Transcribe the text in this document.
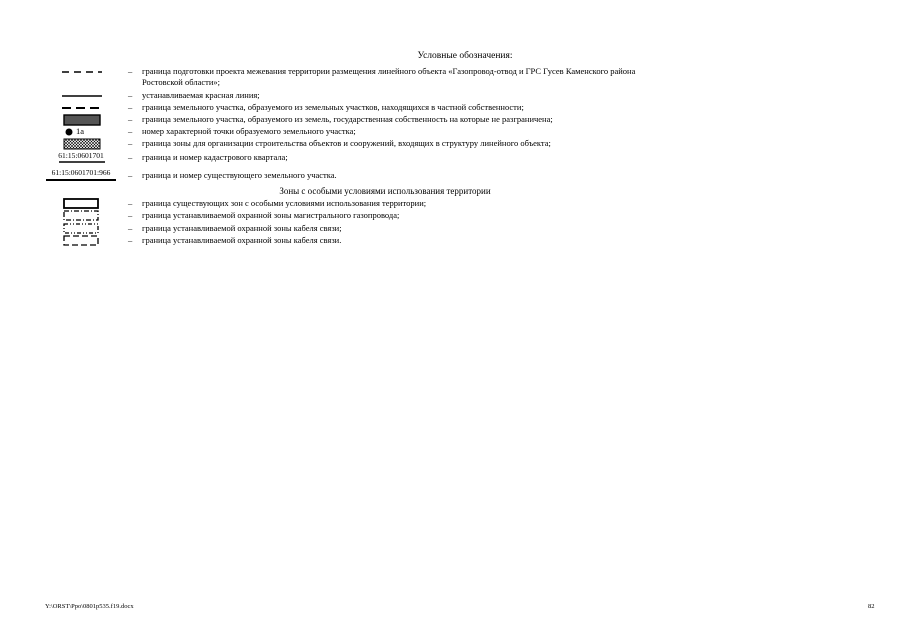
Условные обозначения:
– граница подготовки проекта межевания территории размещения линейного объекта «Газопровод-отвод и ГРС Гусев Каменского района Ростовской области»;
– устанавливаемая красная линия;
– граница земельного участка, образуемого из земельных участков, находящихся в частной собственности;
– граница земельного участка, образуемого из земель, государственная собственность на которые не разграничена;
1а	– номер характерной точки образуемого земельного участка;
– граница зоны для организации строительства объектов и сооружений, входящих в структуру линейного объекта;
61:15:0601701	– граница и номер кадастрового квартала;
61:15:0601701:966	– граница и номер существующего земельного участка.
Зоны с особыми условиями использования территории
– граница существующих зон с особыми условиями использования территории;
– граница устанавливаемой охранной зоны магистрального газопровода;
– граница устанавливаемой охранной зоны кабеля связи;
– граница устанавливаемой охранной зоны кабеля связи.
Y:\ORST\Ppo\0801p535.f19.docx	82
